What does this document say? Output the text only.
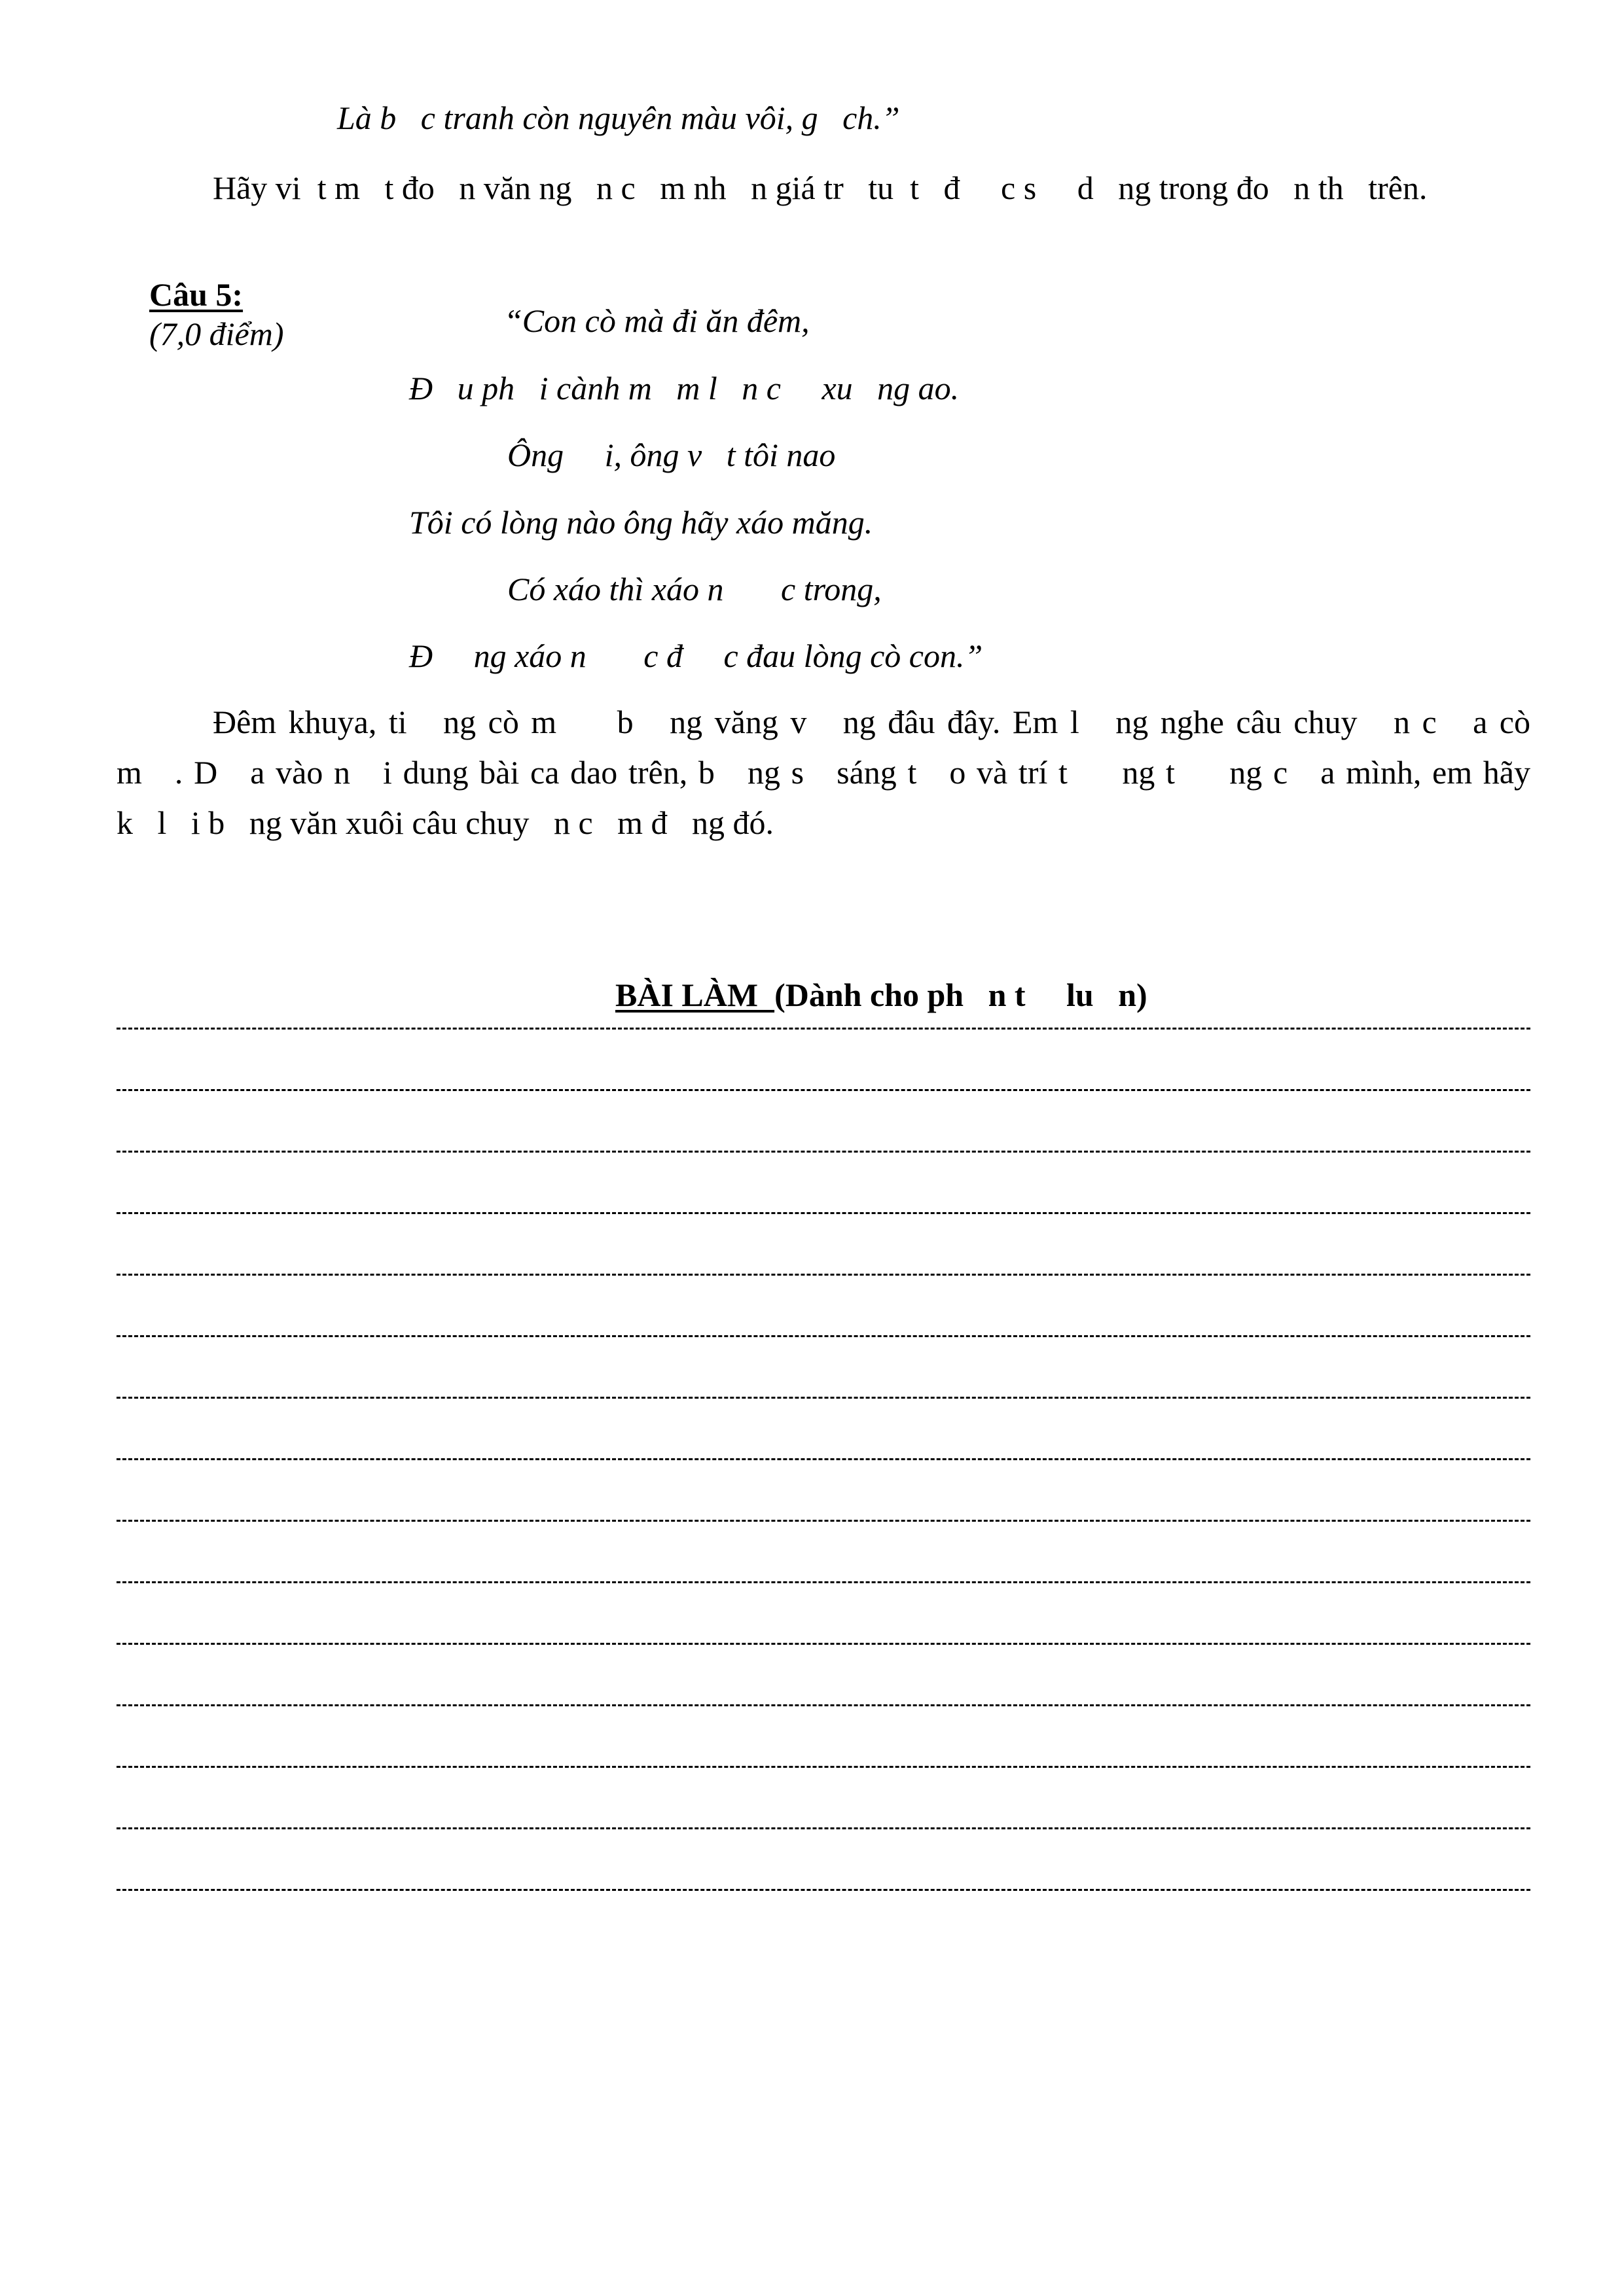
Là b   c tranh còn nguyên màu vôi, g   ch.”
Hãy vi  t m   t đo   n văn ng   n c   m nh   n giá tr   tu  t   đ     c s     d   ng trong đo   n th   trên.

Câu 5:
(7,0 điểm)
	“Con cò mà đi ăn đêm,
Đ   u ph   i cành m   m l   n c     xu   ng ao.
Ông     i, ông v   t tôi nao
Tôi có lòng nào ông hãy xáo măng.
Có xáo thì xáo n       c trong,
Đ     ng xáo n       c đ     c đau lòng cò con.”
Đêm khuya, ti   ng cò m     b   ng văng v   ng đâu đây. Em l   ng nghe câu chuy   n c   a cò
m   . D   a vào n   i dung bài ca dao trên, b   ng s   sáng t   o và trí t     ng t     ng c   a mình, em hãy
k   l   i b   ng văn xuôi câu chuy   n c   m đ   ng đó.

BÀI LÀM  (Dành cho ph   n t     lu   n)
